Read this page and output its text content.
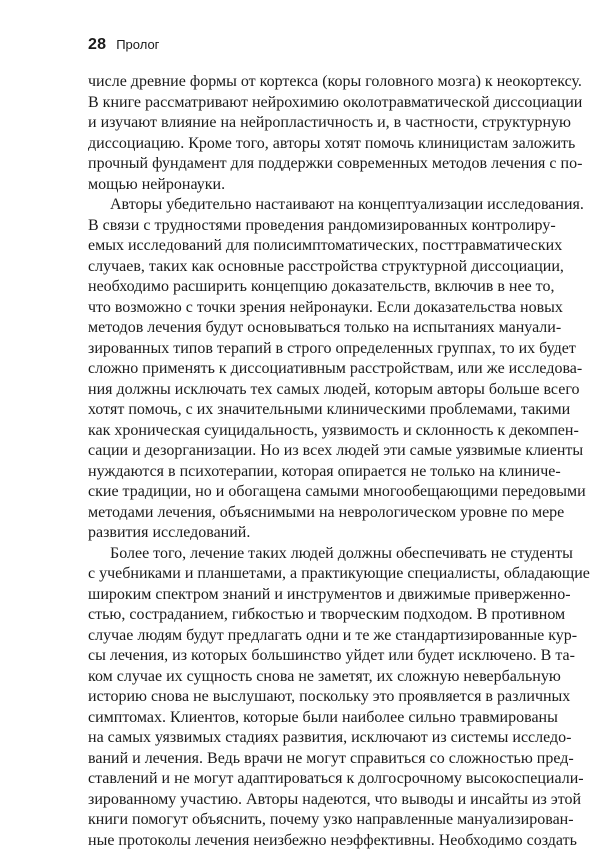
28 Пролог
числе древние формы от кортекса (коры головного мозга) к неокортексу.
В книге рассматривают нейрохимию околотравматической диссоциации
и изучают влияние на нейропластичность и, в частности, структурную
диссоциацию. Кроме того, авторы хотят помочь клиницистам заложить
прочный фундамент для поддержки современных методов лечения с по-
мощью нейронауки.
Авторы убедительно настаивают на концептуализации исследования.
В связи с трудностями проведения рандомизированных контролиру-
емых исследований для полисимптоматических, посттравматических
случаев, таких как основные расстройства структурной диссоциации,
необходимо расширить концепцию доказательств, включив в нее то,
что возможно с точки зрения нейронауки. Если доказательства новых
методов лечения будут основываться только на испытаниях мануали-
зированных типов терапий в строго определенных группах, то их будет
сложно применять к диссоциативным расстройствам, или же исследова-
ния должны исключать тех самых людей, которым авторы больше всего
хотят помочь, с их значительными клиническими проблемами, такими
как хроническая суицидальность, уязвимость и склонность к декомпен-
сации и дезорганизации. Но из всех людей эти самые уязвимые клиенты
нуждаются в психотерапии, которая опирается не только на клиниче-
ские традиции, но и обогащена самыми многообещающими передовыми
методами лечения, объяснимыми на неврологическом уровне по мере
развития исследований.
Более того, лечение таких людей должны обеспечивать не студенты
с учебниками и планшетами, а практикующие специалисты, обладающие
широким спектром знаний и инструментов и движимые приверженно-
стью, состраданием, гибкостью и творческим подходом. В противном
случае людям будут предлагать одни и те же стандартизированные кур-
сы лечения, из которых большинство уйдет или будет исключено. В та-
ком случае их сущность снова не заметят, их сложную невербальную
историю снова не выслушают, поскольку это проявляется в различных
симптомах. Клиентов, которые были наиболее сильно травмированы
на самых уязвимых стадиях развития, исключают из системы исследо-
ваний и лечения. Ведь врачи не могут справиться со сложностью пред-
ставлений и не могут адаптироваться к долгосрочному высокоспециали-
зированному участию. Авторы надеются, что выводы и инсайты из этой
книги помогут объяснить, почему узко направленные мануализирован-
ные протоколы лечения неизбежно неэффективны. Необходимо создать
